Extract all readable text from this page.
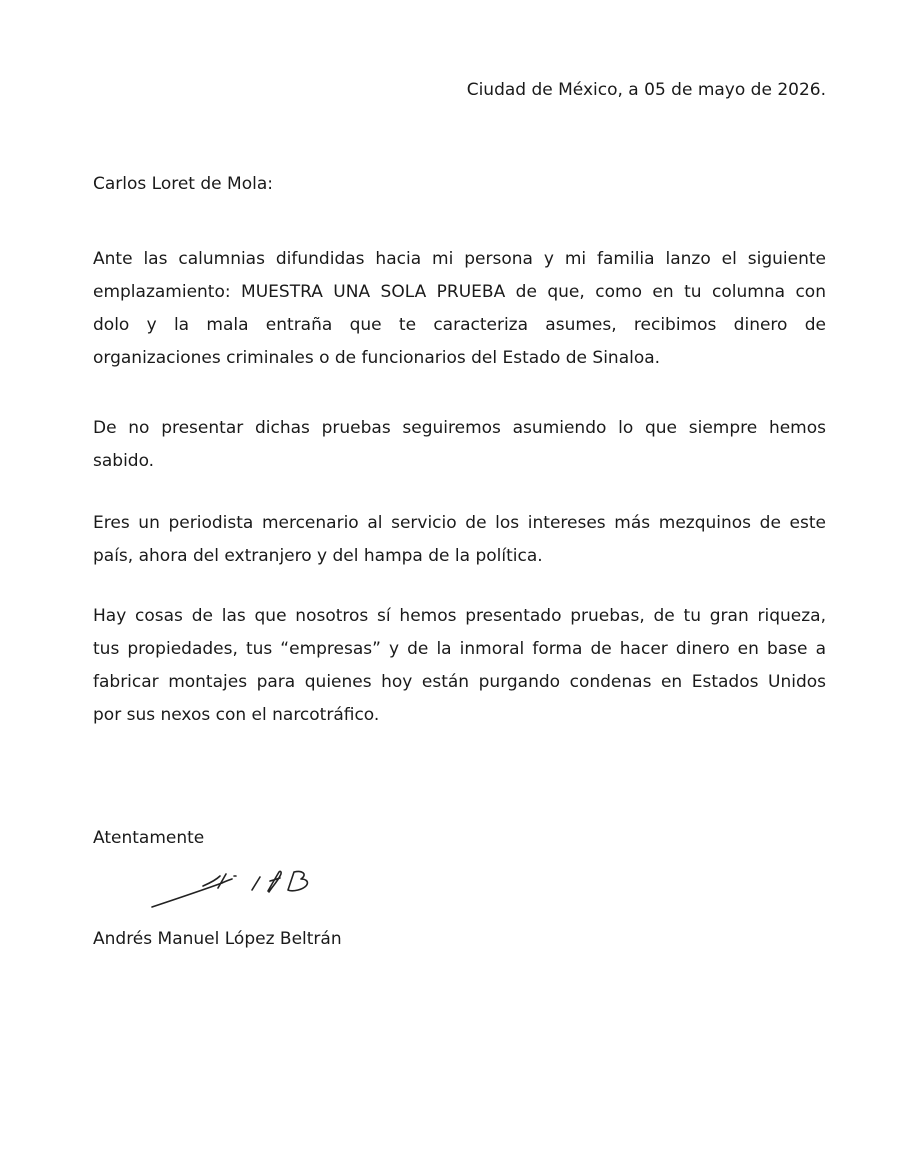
Ciudad de México, a 05 de mayo de 2026.
Carlos Loret de Mola:
Ante las calumnias difundidas hacia mi persona y mi familia lanzo el siguiente
emplazamiento: MUESTRA UNA SOLA PRUEBA de que, como en tu columna con
dolo y la mala entraña que te caracteriza asumes, recibimos dinero de
organizaciones criminales o de funcionarios del Estado de Sinaloa.
De no presentar dichas pruebas seguiremos asumiendo lo que siempre hemos
sabido.
Eres un periodista mercenario al servicio de los intereses más mezquinos de este
país, ahora del extranjero y del hampa de la política.
Hay cosas de las que nosotros sí hemos presentado pruebas, de tu gran riqueza,
tus propiedades, tus “empresas” y de la inmoral forma de hacer dinero en base a
fabricar montajes para quienes hoy están purgando condenas en Estados Unidos
por sus nexos con el narcotráfico.
Atentamente
Andrés Manuel López Beltrán
